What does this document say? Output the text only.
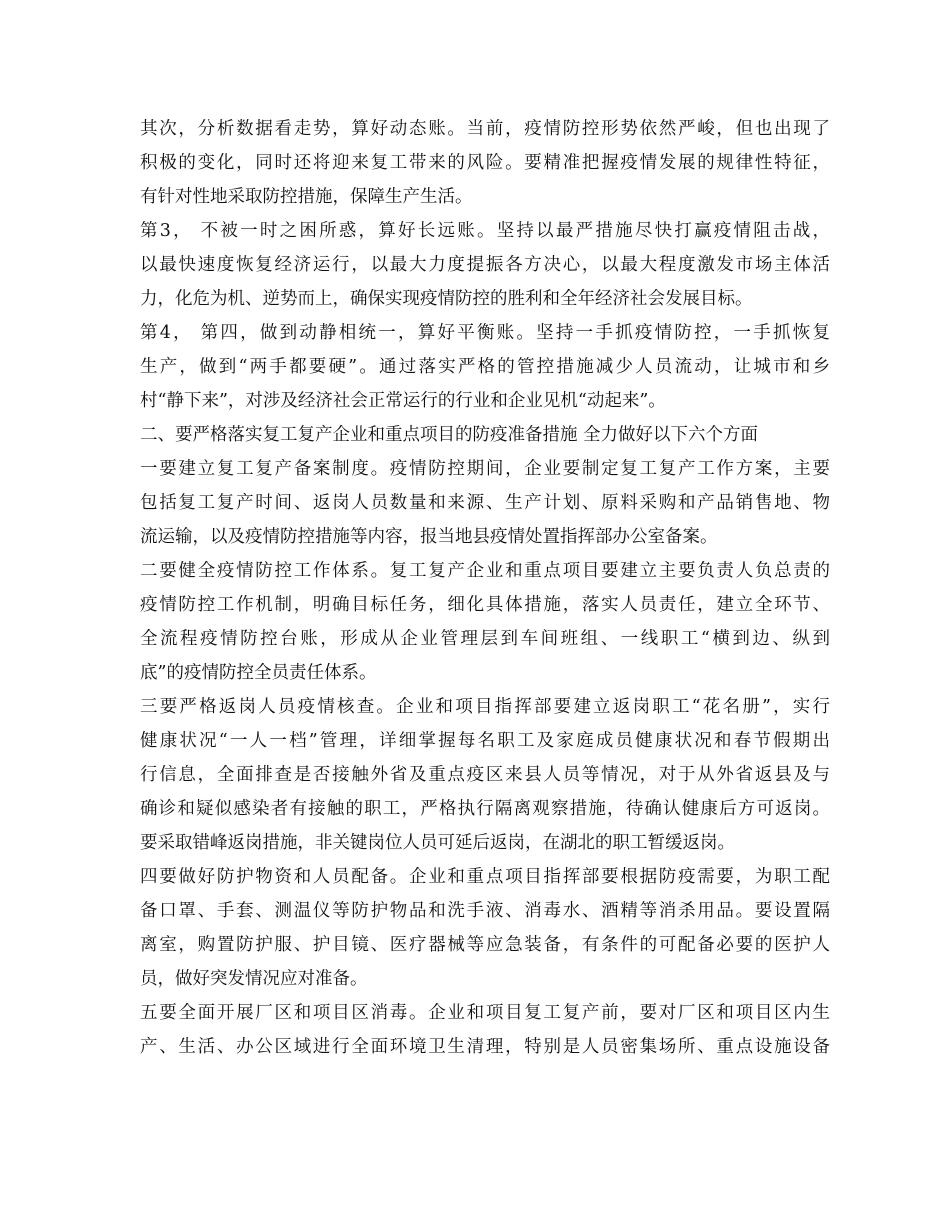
其次，分析数据看走势，算好动态账。当前，疫情防控形势依然严峻，但也出现了
积极的变化，同时还将迎来复工带来的风险。要精准把握疫情发展的规律性特征，
有针对性地采取防控措施，保障生产生活。
第3， 不被一时之困所惑，算好长远账。坚持以最严措施尽快打赢疫情阻击战，
以最快速度恢复经济运行，以最大力度提振各方决心，以最大程度激发市场主体活
力，化危为机、逆势而上，确保实现疫情防控的胜利和全年经济社会发展目标。
第4， 第四，做到动静相统一，算好平衡账。坚持一手抓疫情防控，一手抓恢复
生产，做到“两手都要硬”。通过落实严格的管控措施减少人员流动，让城市和乡
村“静下来”，对涉及经济社会正常运行的行业和企业见机“动起来”。
二、要严格落实复工复产企业和重点项目的防疫准备措施 全力做好以下六个方面
一要建立复工复产备案制度。疫情防控期间，企业要制定复工复产工作方案，主要
包括复工复产时间、返岗人员数量和来源、生产计划、原料采购和产品销售地、物
流运输，以及疫情防控措施等内容，报当地县疫情处置指挥部办公室备案。
二要健全疫情防控工作体系。复工复产企业和重点项目要建立主要负责人负总责的
疫情防控工作机制，明确目标任务，细化具体措施，落实人员责任，建立全环节、
全流程疫情防控台账，形成从企业管理层到车间班组、一线职工“横到边、纵到
底”的疫情防控全员责任体系。
三要严格返岗人员疫情核查。企业和项目指挥部要建立返岗职工“花名册”，实行
健康状况“一人一档”管理，详细掌握每名职工及家庭成员健康状况和春节假期出
行信息，全面排查是否接触外省及重点疫区来县人员等情况，对于从外省返县及与
确诊和疑似感染者有接触的职工，严格执行隔离观察措施，待确认健康后方可返岗。
要采取错峰返岗措施，非关键岗位人员可延后返岗，在湖北的职工暂缓返岗。
四要做好防护物资和人员配备。企业和重点项目指挥部要根据防疫需要，为职工配
备口罩、手套、测温仪等防护物品和洗手液、消毒水、酒精等消杀用品。要设置隔
离室，购置防护服、护目镜、医疗器械等应急装备，有条件的可配备必要的医护人
员，做好突发情况应对准备。
五要全面开展厂区和项目区消毒。企业和项目复工复产前，要对厂区和项目区内生
产、生活、办公区域进行全面环境卫生清理，特别是人员密集场所、重点设施设备
